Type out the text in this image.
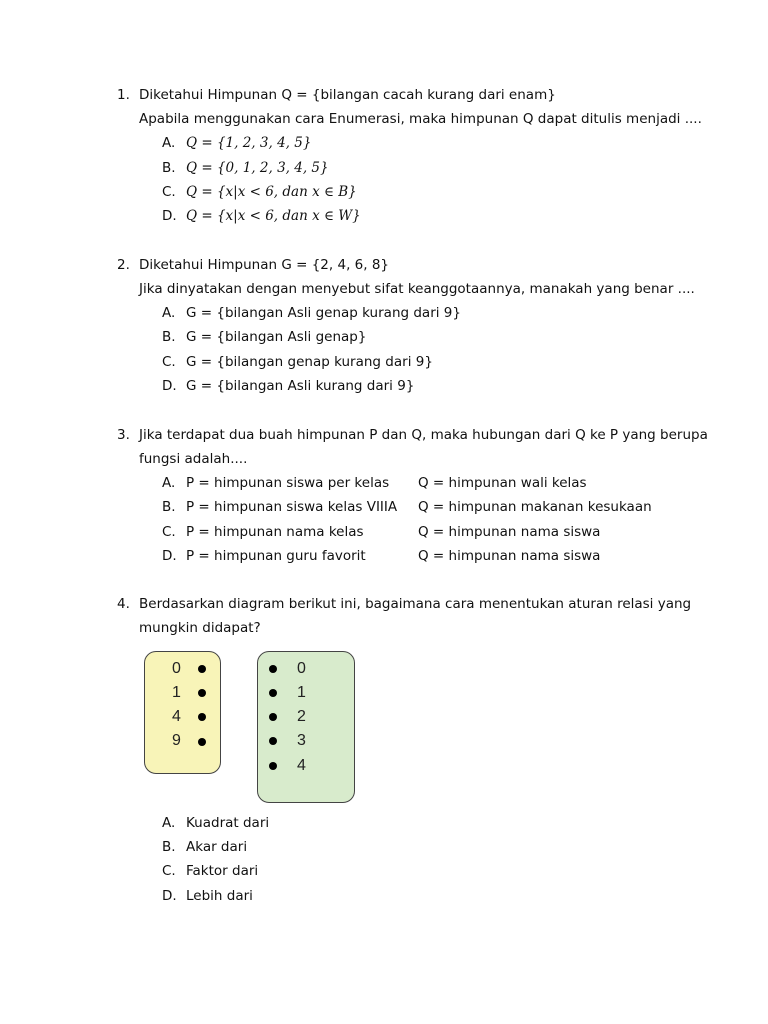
1. Diketahui Himpunan Q = {bilangan cacah kurang dari enam}
Apabila menggunakan cara Enumerasi, maka himpunan Q dapat ditulis menjadi ....
A. Q = {1, 2, 3, 4, 5}
B. Q = {0, 1, 2, 3, 4, 5}
C. Q = {x|x < 6, dan x ∈ B}
D. Q = {x|x < 6, dan x ∈ W}
2. Diketahui Himpunan G = {2, 4, 6, 8}
Jika dinyatakan dengan menyebut sifat keanggotaannya, manakah yang benar ....
A. G = {bilangan Asli genap kurang dari 9}
B. G = {bilangan Asli genap}
C. G = {bilangan genap kurang dari 9}
D. G = {bilangan Asli kurang dari 9}
3. Jika terdapat dua buah himpunan P dan Q, maka hubungan dari Q ke P yang berupa
fungsi adalah....
A. P = himpunan siswa per kelas Q = himpunan wali kelas
B. P = himpunan siswa kelas VIIIA Q = himpunan makanan kesukaan
C. P = himpunan nama kelas	Q = himpunan nama siswa
D. P = himpunan guru favorit	Q = himpunan nama siswa
4. Berdasarkan diagram berikut ini, bagaimana cara menentukan aturan relasi yang
mungkin didapat?
0
1
4
9
0
1
2
3
4
A. Kuadrat dari
B. Akar dari
C. Faktor dari
D. Lebih dari
